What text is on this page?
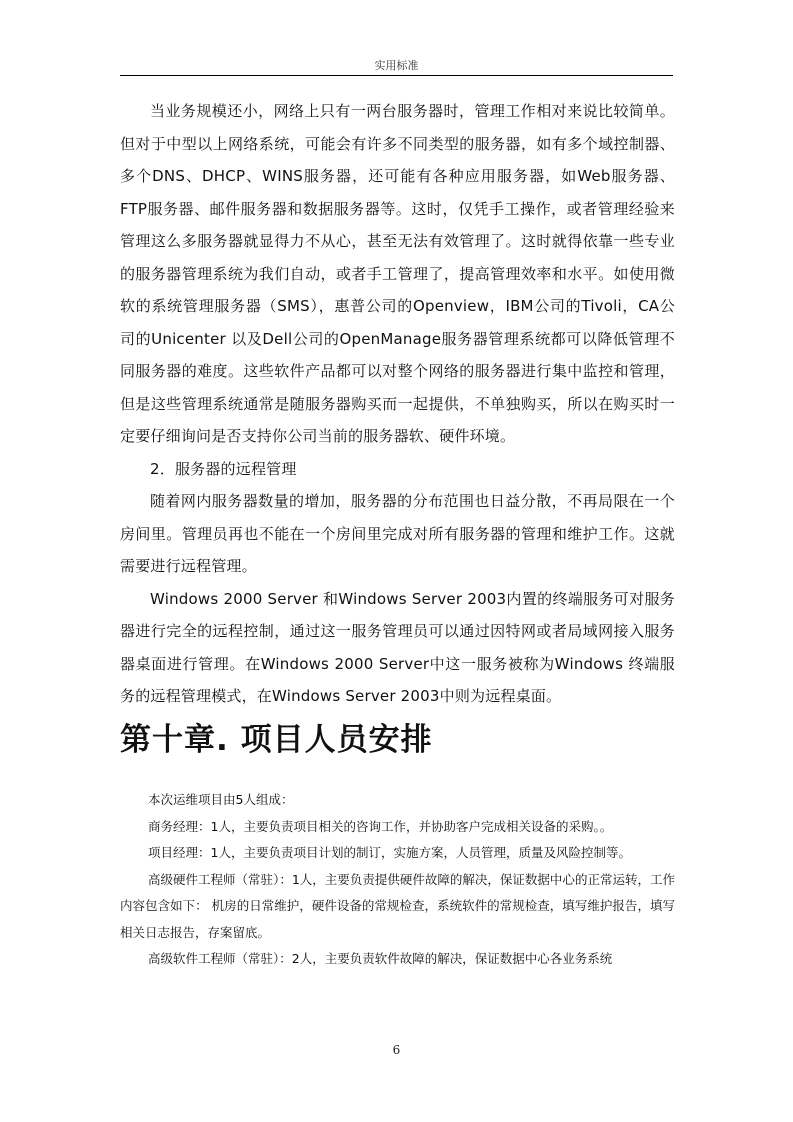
实用标准

当业务规模还小，网络上只有一两台服务器时，管理工作相对来说比较简单。但对于中型以上网络系统，可能会有许多不同类型的服务器，如有多个域控制器、多个DNS、DHCP、WINS服务器，还可能有各种应用服务器，如Web服务器、FTP服务器、邮件服务器和数据服务器等。这时，仅凭手工操作，或者管理经验来管理这么多服务器就显得力不从心，甚至无法有效管理了。这时就得依靠一些专业的服务器管理系统为我们自动，或者手工管理了，提高管理效率和水平。如使用微软的系统管理服务器（SMS），惠普公司的Openview，IBM公司的Tivoli，CA公司的Unicenter 以及Dell公司的OpenManage服务器管理系统都可以降低管理不同服务器的难度。这些软件产品都可以对整个网络的服务器进行集中监控和管理，但是这些管理系统通常是随服务器购买而一起提供，不单独购买，所以在购买时一定要仔细询问是否支持你公司当前的服务器软、硬件环境。

2．服务器的远程管理

随着网内服务器数量的增加，服务器的分布范围也日益分散，不再局限在一个房间里。管理员再也不能在一个房间里完成对所有服务器的管理和维护工作。这就需要进行远程管理。

Windows 2000 Server 和Windows Server 2003内置的终端服务可对服务器进行完全的远程控制，通过这一服务管理员可以通过因特网或者局域网接入服务器桌面进行管理。在Windows 2000 Server中这一服务被称为Windows 终端服务的远程管理模式，在Windows Server 2003中则为远程桌面。

第十章. 项目人员安排

本次运维项目由5人组成：

商务经理：1人，主要负责项目相关的咨询工作，并协助客户完成相关设备的采购。。

项目经理：1人，主要负责项目计划的制订，实施方案，人员管理，质量及风险控制等。

高级硬件工程师（常驻）：1人，主要负责提供硬件故障的解决，保证数据中心的正常运转，工作内容包含如下： 机房的日常维护，硬件设备的常规检查，系统软件的常规检查，填写维护报告，填写相关日志报告，存案留底。

高级软件工程师（常驻）：2人，主要负责软件故障的解决，保证数据中心各业务系统

6
